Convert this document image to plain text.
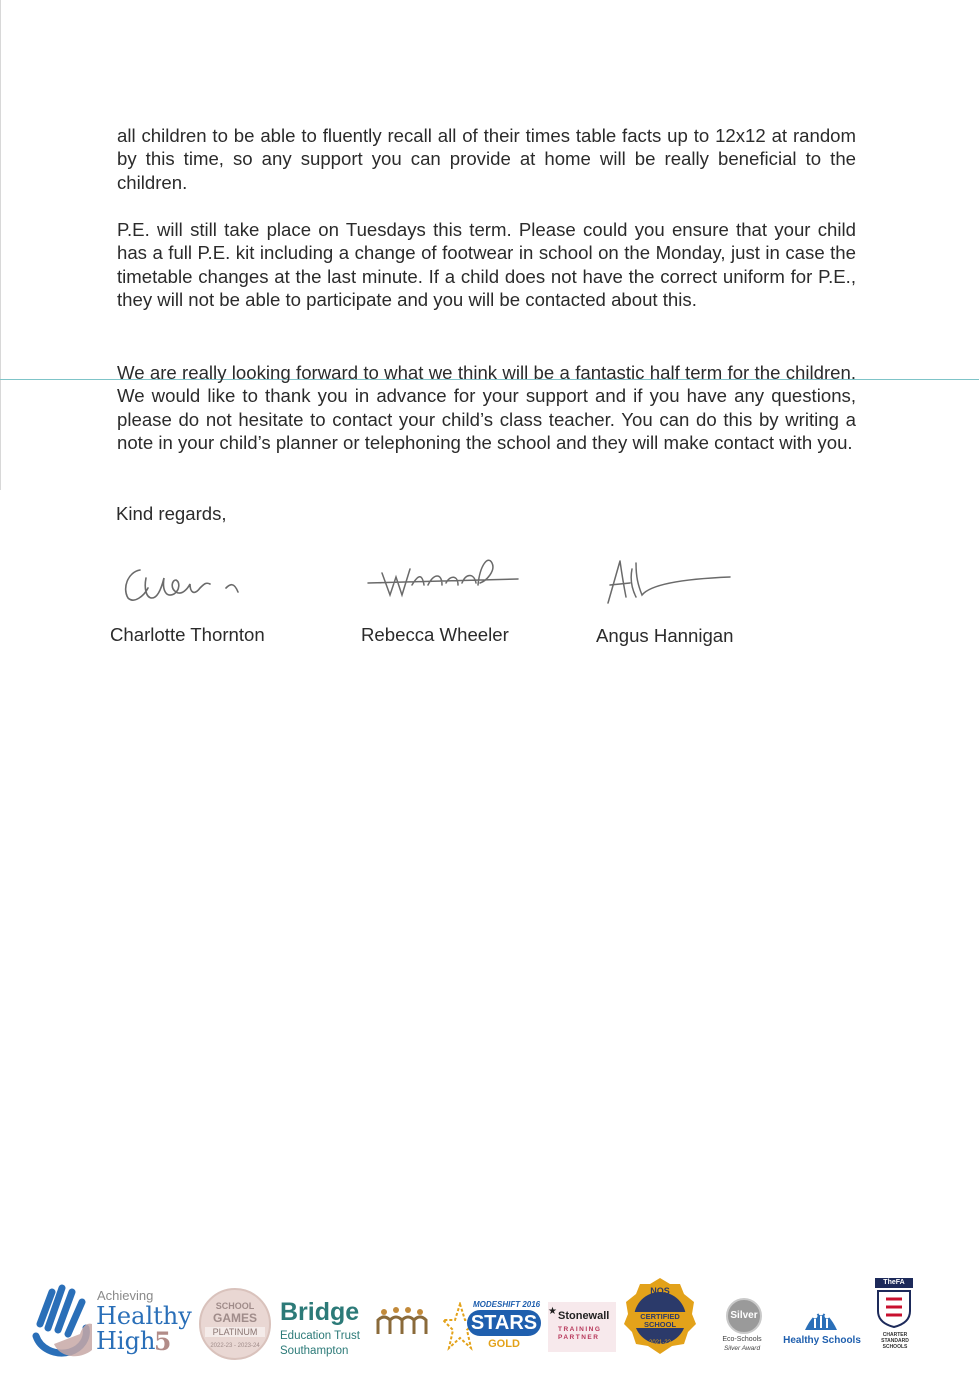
all children to be able to fluently recall all of their times table facts up to 12x12 at random by this time, so any support you can provide at home will be really beneficial to the children.

P.E. will still take place on Tuesdays this term. Please could you ensure that your child has a full P.E. kit including a change of footwear in school on the Monday, just in case the timetable changes at the last minute. If a child does not have the correct uniform for P.E., they will not be able to participate and you will be contacted about this.

We are really looking forward to what we think will be a fantastic half term for the children. We would like to thank you in advance for your support and if you have any questions, please do not hesitate to contact your child’s class teacher. You can do this by writing a note in your child’s planner or telephoning the school and they will make contact with you.

Kind regards,

Charlotte Thornton	Rebecca Wheeler	Angus Hannigan
Achieving
Healthy
High
5
SCHOOL
GAMES
PLATINUM
2022-23 - 2023-24
Bridge
Education Trust
Southampton
MODESHIFT 2016
STARS
GOLD
★ Stonewall
TRAINING PARTNER
NOS
CERTIFIED
SCHOOL
2021-22
Silver
Eco-Schools
Silver Award
Healthy Schools
TheFA
CHARTER
STANDARD
SCHOOLS
